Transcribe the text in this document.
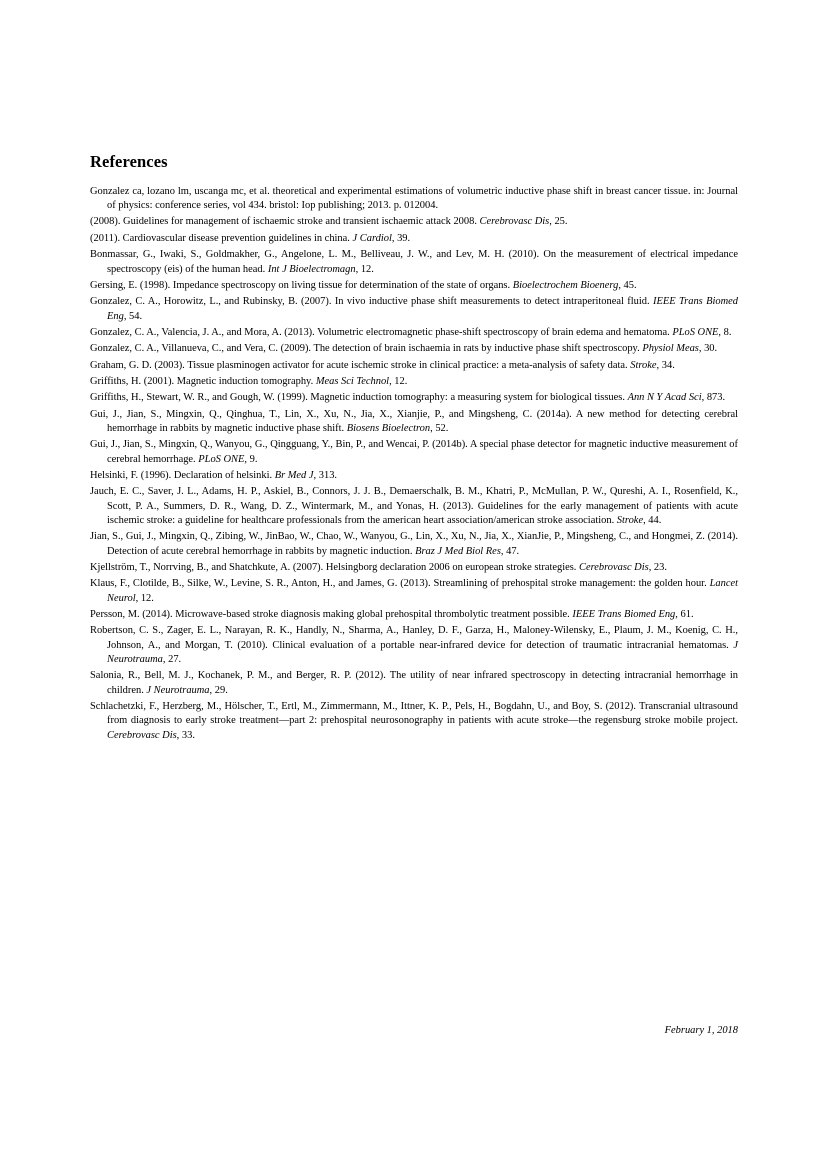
References
Gonzalez ca, lozano lm, uscanga mc, et al. theoretical and experimental estimations of volumetric inductive phase shift in breast cancer tissue. in: Journal of physics: conference series, vol 434. bristol: Iop publishing; 2013. p. 012004.
(2008). Guidelines for management of ischaemic stroke and transient ischaemic attack 2008. Cerebrovasc Dis, 25.
(2011). Cardiovascular disease prevention guidelines in china. J Cardiol, 39.
Bonmassar, G., Iwaki, S., Goldmakher, G., Angelone, L. M., Belliveau, J. W., and Lev, M. H. (2010). On the measurement of electrical impedance spectroscopy (eis) of the human head. Int J Bioelectromagn, 12.
Gersing, E. (1998). Impedance spectroscopy on living tissue for determination of the state of organs. Bioelectrochem Bioenerg, 45.
Gonzalez, C. A., Horowitz, L., and Rubinsky, B. (2007). In vivo inductive phase shift measurements to detect intraperitoneal fluid. IEEE Trans Biomed Eng, 54.
Gonzalez, C. A., Valencia, J. A., and Mora, A. (2013). Volumetric electromagnetic phase-shift spectroscopy of brain edema and hematoma. PLoS ONE, 8.
Gonzalez, C. A., Villanueva, C., and Vera, C. (2009). The detection of brain ischaemia in rats by inductive phase shift spectroscopy. Physiol Meas, 30.
Graham, G. D. (2003). Tissue plasminogen activator for acute ischemic stroke in clinical practice: a meta-analysis of safety data. Stroke, 34.
Griffiths, H. (2001). Magnetic induction tomography. Meas Sci Technol, 12.
Griffiths, H., Stewart, W. R., and Gough, W. (1999). Magnetic induction tomography: a measuring system for biological tissues. Ann N Y Acad Sci, 873.
Gui, J., Jian, S., Mingxin, Q., Qinghua, T., Lin, X., Xu, N., Jia, X., Xianjie, P., and Mingsheng, C. (2014a). A new method for detecting cerebral hemorrhage in rabbits by magnetic inductive phase shift. Biosens Bioelectron, 52.
Gui, J., Jian, S., Mingxin, Q., Wanyou, G., Qingguang, Y., Bin, P., and Wencai, P. (2014b). A special phase detector for magnetic inductive measurement of cerebral hemorrhage. PLoS ONE, 9.
Helsinki, F. (1996). Declaration of helsinki. Br Med J, 313.
Jauch, E. C., Saver, J. L., Adams, H. P., Askiel, B., Connors, J. J. B., Demaerschalk, B. M., Khatri, P., McMullan, P. W., Qureshi, A. I., Rosenfield, K., Scott, P. A., Summers, D. R., Wang, D. Z., Wintermark, M., and Yonas, H. (2013). Guidelines for the early management of patients with acute ischemic stroke: a guideline for healthcare professionals from the american heart association/american stroke association. Stroke, 44.
Jian, S., Gui, J., Mingxin, Q., Zibing, W., JinBao, W., Chao, W., Wanyou, G., Lin, X., Xu, N., Jia, X., XianJie, P., Mingsheng, C., and Hongmei, Z. (2014). Detection of acute cerebral hemorrhage in rabbits by magnetic induction. Braz J Med Biol Res, 47.
Kjellström, T., Norrving, B., and Shatchkute, A. (2007). Helsingborg declaration 2006 on european stroke strategies. Cerebrovasc Dis, 23.
Klaus, F., Clotilde, B., Silke, W., Levine, S. R., Anton, H., and James, G. (2013). Streamlining of prehospital stroke management: the golden hour. Lancet Neurol, 12.
Persson, M. (2014). Microwave-based stroke diagnosis making global prehospital thrombolytic treatment possible. IEEE Trans Biomed Eng, 61.
Robertson, C. S., Zager, E. L., Narayan, R. K., Handly, N., Sharma, A., Hanley, D. F., Garza, H., Maloney-Wilensky, E., Plaum, J. M., Koenig, C. H., Johnson, A., and Morgan, T. (2010). Clinical evaluation of a portable near-infrared device for detection of traumatic intracranial hematomas. J Neurotrauma, 27.
Salonia, R., Bell, M. J., Kochanek, P. M., and Berger, R. P. (2012). The utility of near infrared spectroscopy in detecting intracranial hemorrhage in children. J Neurotrauma, 29.
Schlachetzki, F., Herzberg, M., Hölscher, T., Ertl, M., Zimmermann, M., Ittner, K. P., Pels, H., Bogdahn, U., and Boy, S. (2012). Transcranial ultrasound from diagnosis to early stroke treatment—part 2: prehospital neurosonography in patients with acute stroke—the regensburg stroke mobile project. Cerebrovasc Dis, 33.
February 1, 2018
